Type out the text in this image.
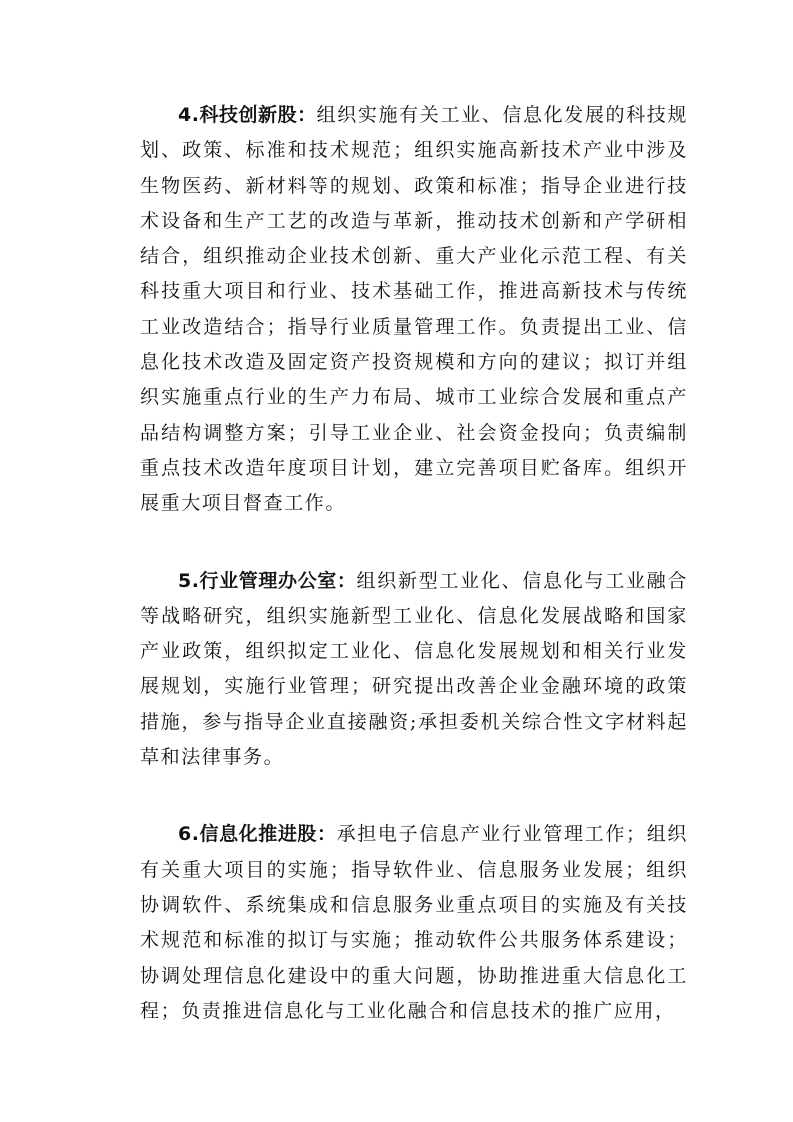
4.科技创新股：组织实施有关工业、信息化发展的科技规划、政策、标准和技术规范；组织实施高新技术产业中涉及生物医药、新材料等的规划、政策和标准；指导企业进行技术设备和生产工艺的改造与革新，推动技术创新和产学研相结合，组织推动企业技术创新、重大产业化示范工程、有关科技重大项目和行业、技术基础工作，推进高新技术与传统工业改造结合；指导行业质量管理工作。负责提出工业、信息化技术改造及固定资产投资规模和方向的建议；拟订并组织实施重点行业的生产力布局、城市工业综合发展和重点产品结构调整方案；引导工业企业、社会资金投向；负责编制重点技术改造年度项目计划，建立完善项目贮备库。组织开展重大项目督查工作。

5.行业管理办公室：组织新型工业化、信息化与工业融合等战略研究，组织实施新型工业化、信息化发展战略和国家产业政策，组织拟定工业化、信息化发展规划和相关行业发展规划，实施行业管理；研究提出改善企业金融环境的政策措施，参与指导企业直接融资;承担委机关综合性文字材料起草和法律事务。

6.信息化推进股：承担电子信息产业行业管理工作；组织有关重大项目的实施；指导软件业、信息服务业发展；组织协调软件、系统集成和信息服务业重点项目的实施及有关技术规范和标准的拟订与实施；推动软件公共服务体系建设；协调处理信息化建设中的重大问题，协助推进重大信息化工程；负责推进信息化与工业化融合和信息技术的推广应用，
